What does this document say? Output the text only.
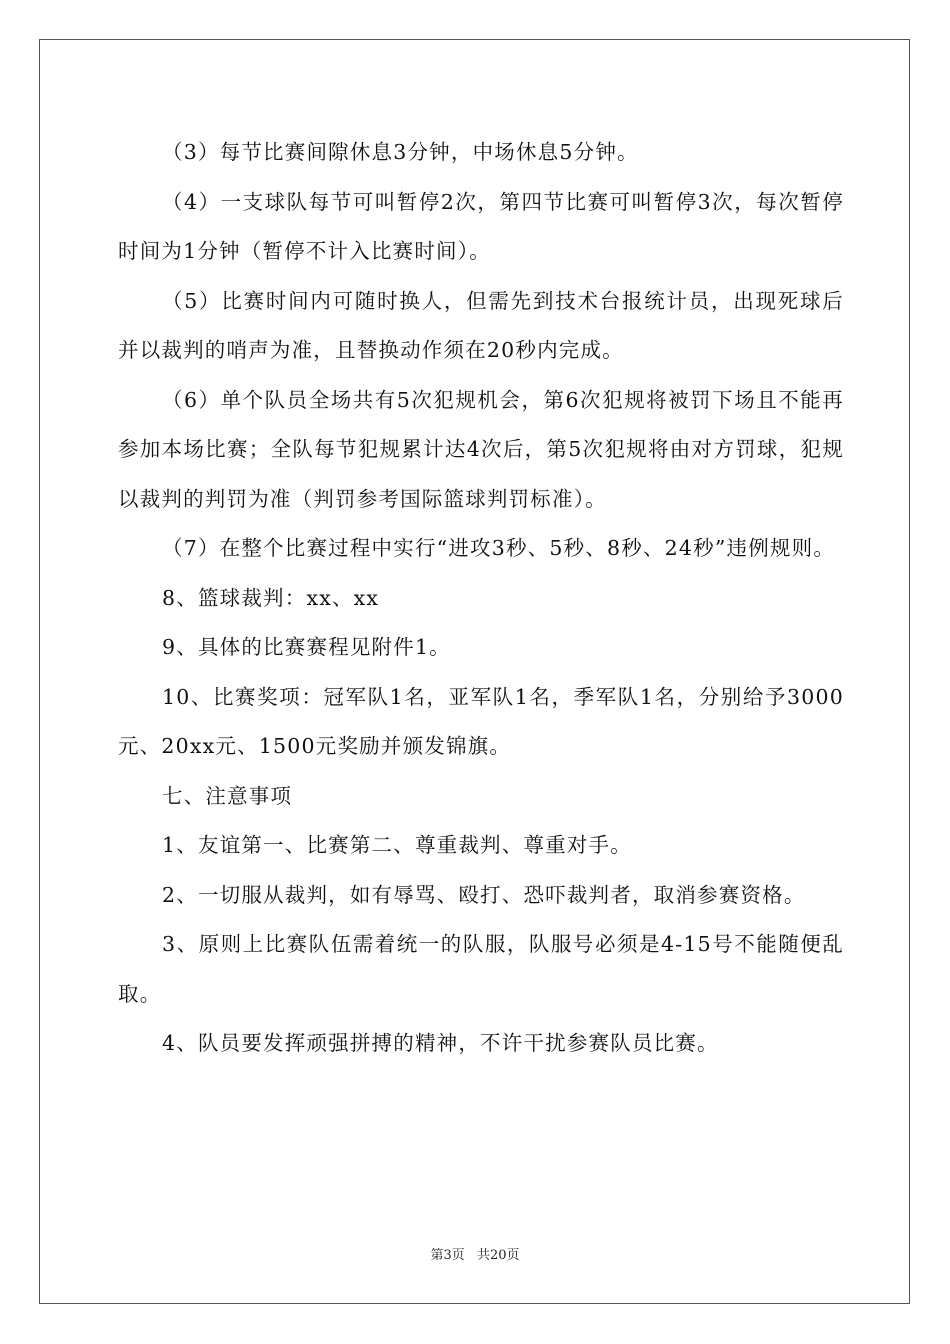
（3）每节比赛间隙休息3分钟，中场休息5分钟。

（4）一支球队每节可叫暂停2次，第四节比赛可叫暂停3次，每次暂停时间为1分钟（暂停不计入比赛时间）。

（5）比赛时间内可随时换人，但需先到技术台报统计员，出现死球后并以裁判的哨声为准，且替换动作须在20秒内完成。

（6）单个队员全场共有5次犯规机会，第6次犯规将被罚下场且不能再参加本场比赛；全队每节犯规累计达4次后，第5次犯规将由对方罚球，犯规以裁判的判罚为准（判罚参考国际篮球判罚标准）。

（7）在整个比赛过程中实行“进攻3秒、5秒、8秒、24秒”违例规则。

8、篮球裁判：xx、xx

9、具体的比赛赛程见附件1。

10、比赛奖项：冠军队1名，亚军队1名，季军队1名，分别给予3000元、20xx元、1500元奖励并颁发锦旗。

七、注意事项

1、友谊第一、比赛第二、尊重裁判、尊重对手。

2、一切服从裁判，如有辱骂、殴打、恐吓裁判者，取消参赛资格。

3、原则上比赛队伍需着统一的队服，队服号必须是4-15号不能随便乱取。

4、队员要发挥顽强拼搏的精神，不许干扰参赛队员比赛。

第3页 共20页
